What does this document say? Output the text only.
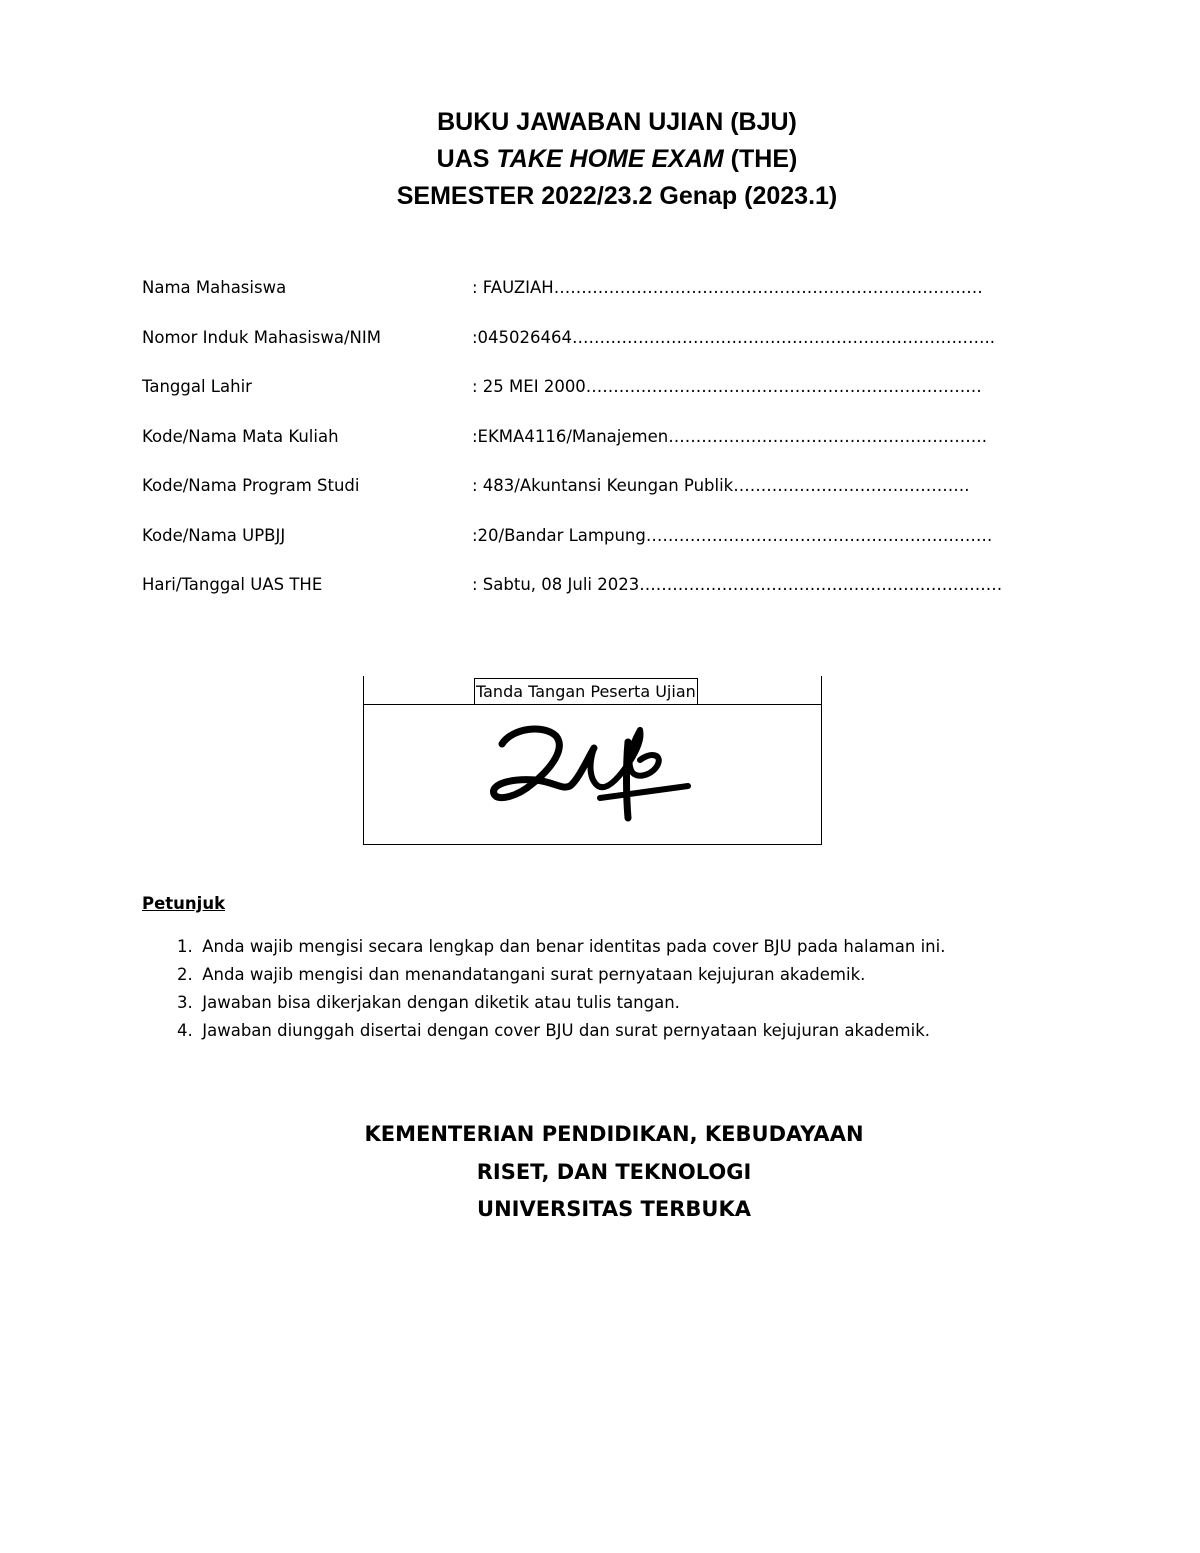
BUKU JAWABAN UJIAN (BJU)
UAS TAKE HOME EXAM (THE)
SEMESTER 2022/23.2 Genap (2023.1)
Nama Mahasiswa	: FAUZIAH……………………………………………………………………
Nomor Induk Mahasiswa/NIM	:045026464…………………………………………………………………..
Tanggal Lahir	: 25 MEI 2000………………………………………………………………
Kode/Nama Mata Kuliah	:EKMA4116/Manajemen………………………………………………….
Kode/Nama Program Studi	: 483/Akuntansi Keungan Publik…………………………………….
Kode/Nama UPBJJ	:20/Bandar Lampung………………………………………………………
Hari/Tanggal UAS THE	: Sabtu, 08 Juli 2023…………………………………………………………
Tanda Tangan Peserta Ujian
Petunjuk
1. Anda wajib mengisi secara lengkap dan benar identitas pada cover BJU pada halaman ini.
2. Anda wajib mengisi dan menandatangani surat pernyataan kejujuran akademik.
3. Jawaban bisa dikerjakan dengan diketik atau tulis tangan.
4. Jawaban diunggah disertai dengan cover BJU dan surat pernyataan kejujuran akademik.
KEMENTERIAN PENDIDIKAN, KEBUDAYAAN
RISET, DAN TEKNOLOGI
UNIVERSITAS TERBUKA
